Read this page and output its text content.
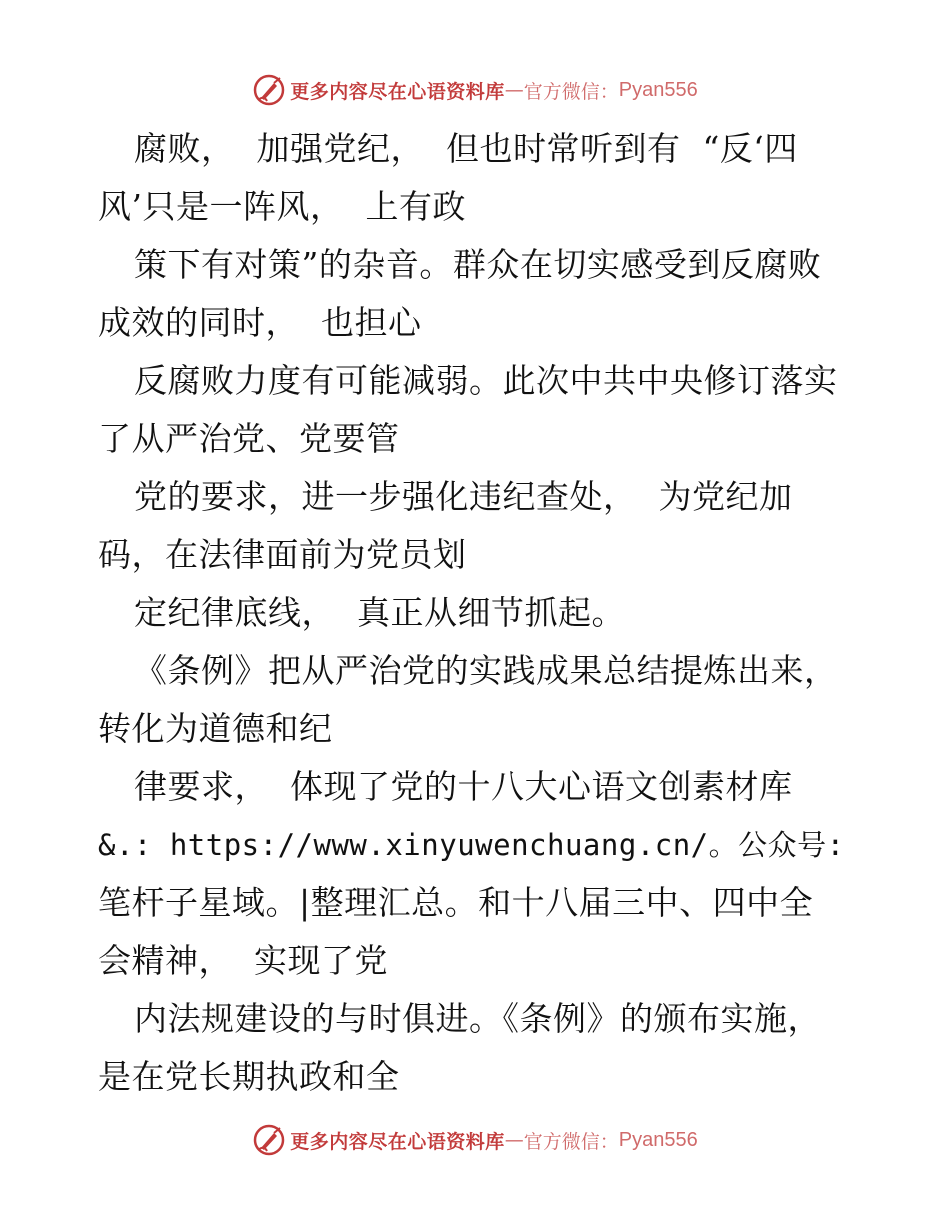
更多内容尽在心语资料库 — 官方微信： Pyan556
腐败，  加强党纪，  但也时常听到有  “反‘四
风’只是一阵风，  上有政
策下有对策”的杂音。群众在切实感受到反腐败
成效的同时，  也担心
反腐败力度有可能减弱。此次中共中央修订落实
了从严治党、党要管
党的要求，进一步强化违纪查处，  为党纪加
码，在法律面前为党员划
定纪律底线，  真正从细节抓起。
《条例》把从严治党的实践成果总结提炼出来，
转化为道德和纪
律要求，  体现了党的十八大心语文创素材库
&.: https://www.xinyuwenchuang.cn/。公众号:
笔杆子星域。|整理汇总。和十八届三中、四中全
会精神，  实现了党
内法规建设的与时俱进。《条例》的颁布实施，
是在党长期执政和全
更多内容尽在心语资料库 — 官方微信： Pyan556
